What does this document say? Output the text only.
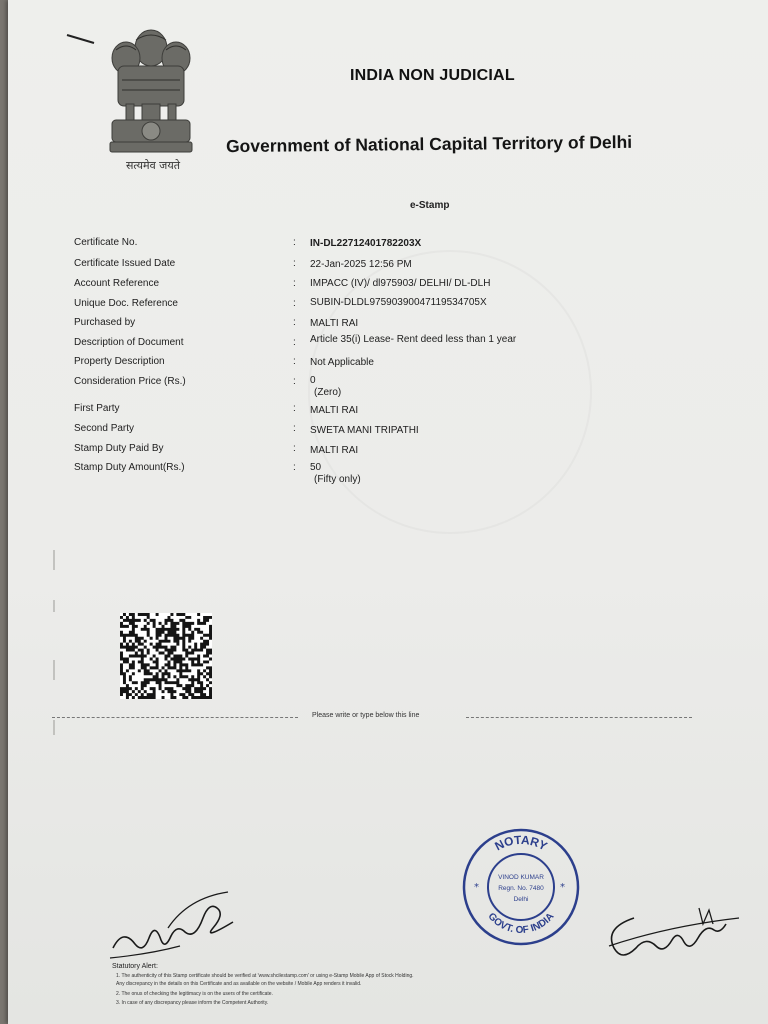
सत्यमेव जयते
INDIA NON JUDICIAL
Government of National Capital Territory of Delhi
e-Stamp
Certificate No.	: IN-DL22712401782203X
Certificate Issued Date	: 22-Jan-2025 12:56 PM
Account Reference	: IMPACC (IV)/ dl975903/ DELHI/ DL-DLH
Unique Doc. Reference	: SUBIN-DLDL97590390047119534705X
Purchased by	: MALTI RAI
Description of Document	: Article 35(i) Lease- Rent deed less than 1 year
Property Description	: Not Applicable
Consideration Price (Rs.)	: 0
(Zero)
First Party	: MALTI RAI
Second Party	: SWETA MANI TRIPATHI
Stamp Duty Paid By	: MALTI RAI
Stamp Duty Amount(Rs.)	: 50
(Fifty only)
Please write or type below this line
NOTARY
GOVT. OF INDIA
*	*
VINOD KUMAR
Regn. No. 7480
Delhi
Statutory Alert:
1. The authenticity of this Stamp certificate should be verified at 'www.shcilestamp.com' or using e-Stamp Mobile App of Stock Holding.
Any discrepancy in the details on this Certificate and as available on the website / Mobile App renders it invalid.
2. The onus of checking the legitimacy is on the users of the certificate.
3. In case of any discrepancy please inform the Competent Authority.
